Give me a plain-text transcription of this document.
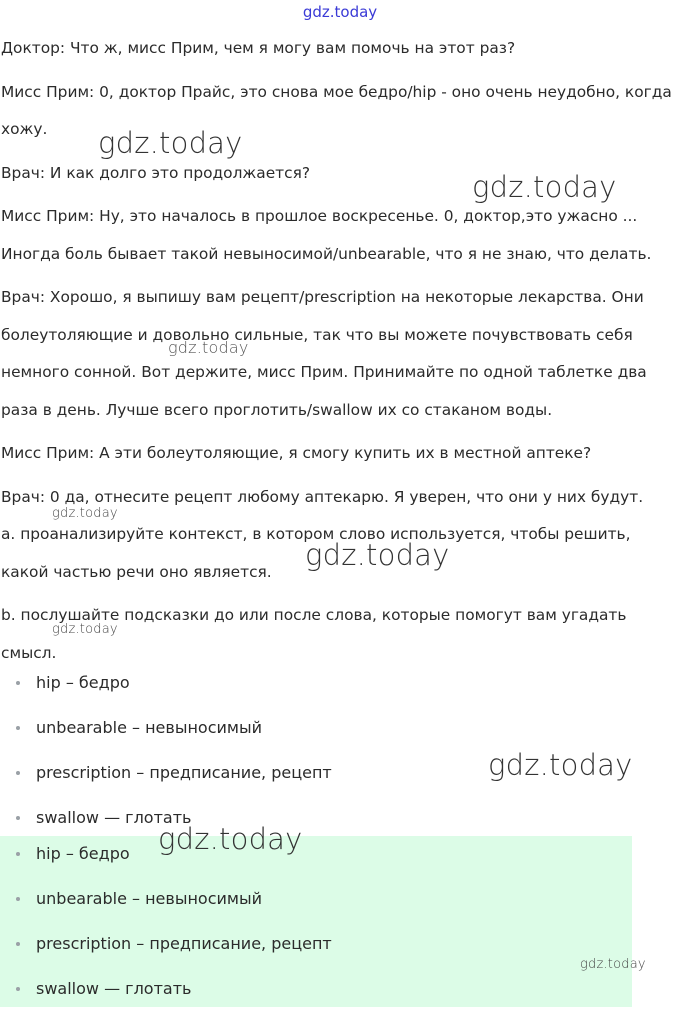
gdz.today

Доктор: Что ж, мисс Прим, чем я могу вам помочь на этот раз?

Мисс Прим: 0, доктор Прайс, это снова мое бедро/hip - оно очень неудобно, когда хожу.

Врач: И как долго это продолжается?

Мисс Прим: Ну, это началось в прошлое воскресенье. 0, доктор,это ужасно ... Иногда боль бывает такой невыносимой/unbearable, что я не знаю, что делать.

Врач: Хорошо, я выпишу вам рецепт/prescription на некоторые лекарства. Они болеутоляющие и довольно сильные, так что вы можете почувствовать себя немного сонной. Вот держите, мисс Прим. Принимайте по одной таблетке два раза в день. Лучше всего проглотить/swallow их со стаканом воды.

Мисс Прим: А эти болеутоляющие, я смогу купить их в местной аптеке?

Врач: 0 да, отнесите рецепт любому аптекарю. Я уверен, что они у них будут.

a. проанализируйте контекст, в котором слово используется, чтобы решить, какой частью речи оно является.

b. послушайте подсказки до или после слова, которые помогут вам угадать смысл.

hip – бедро
unbearable – невыносимый
prescription – предписание, рецепт
swallow — глотать
hip – бедро
unbearable – невыносимый
prescription – предписание, рецепт
swallow — глотать
gdz.today
gdz.today
gdz.today
gdz.today
gdz.today
gdz.today
gdz.today
gdz.today
gdz.today
